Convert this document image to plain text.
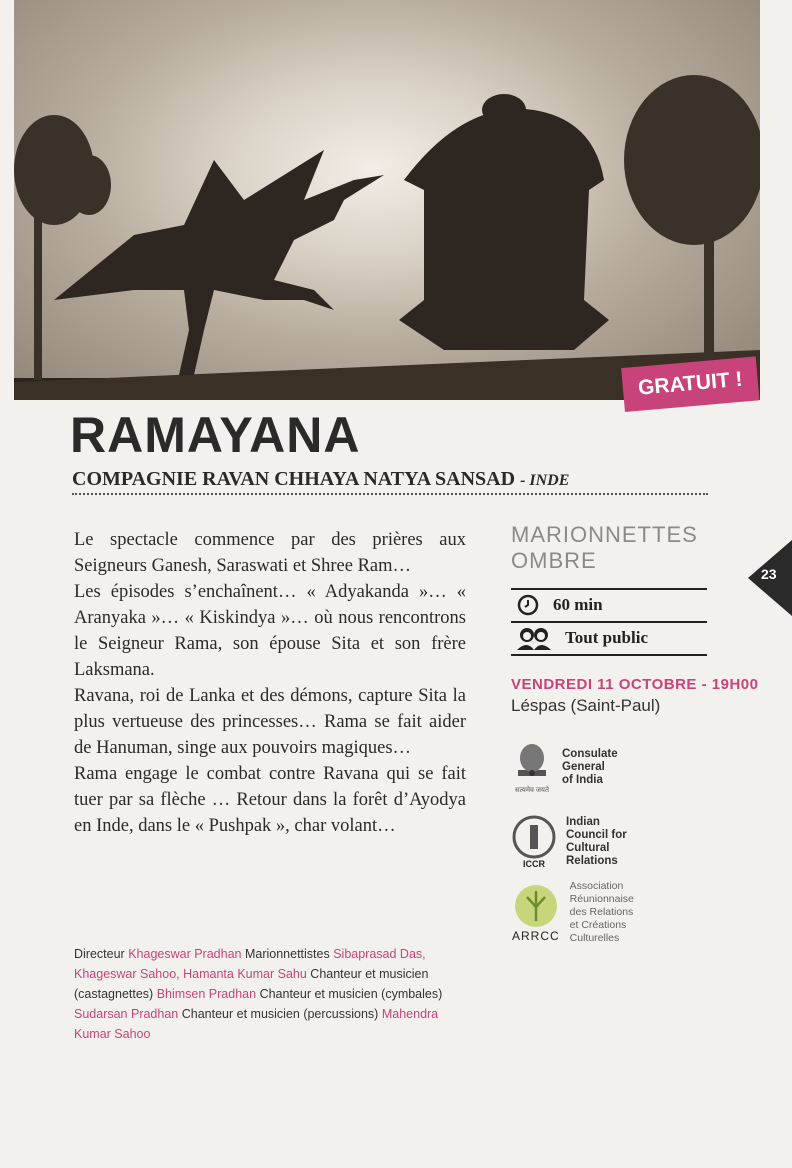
GRATUIT !
RAMAYANA
COMPAGNIE RAVAN CHHAYA NATYA SANSAD - INDE

Le spectacle commence par des prières aux Seigneurs Ganesh, Saraswati et Shree Ram…

Les épisodes s’enchaînent… « Adyakanda »… « Aranyaka »… « Kiskindya »… où nous rencontrons le Seigneur Rama, son épouse Sita et son frère Laksmana.

Ravana, roi de Lanka et des démons, capture Sita la plus vertueuse des princesses… Rama se fait aider de Hanuman, singe aux pouvoirs magiques…

Rama engage le combat contre Ravana qui se fait tuer par sa flèche … Retour dans la forêt d’Ayodya en Inde, dans le « Pushpak », char volant…

Directeur Khageswar Pradhan Marionnettistes Sibaprasad Das, Khageswar Sahoo, Hamanta Kumar Sahu Chanteur et musicien (castagnettes) Bhimsen Pradhan Chanteur et musicien (cymbales) Sudarsan Pradhan Chanteur et musicien (percussions) Mahendra Kumar Sahoo
MARIONNETTES
OMBRE
60 min
Tout public
VENDREDI 11 OCTOBRE - 19H00
Léspas (Saint-Paul)
सत्यमेव जयते
Consulate
General
of India
ICCR
Indian
Council for
Cultural
Relations
ARRCC
Association
Réunionnaise
des Relations
et Créations
Culturelles
23
